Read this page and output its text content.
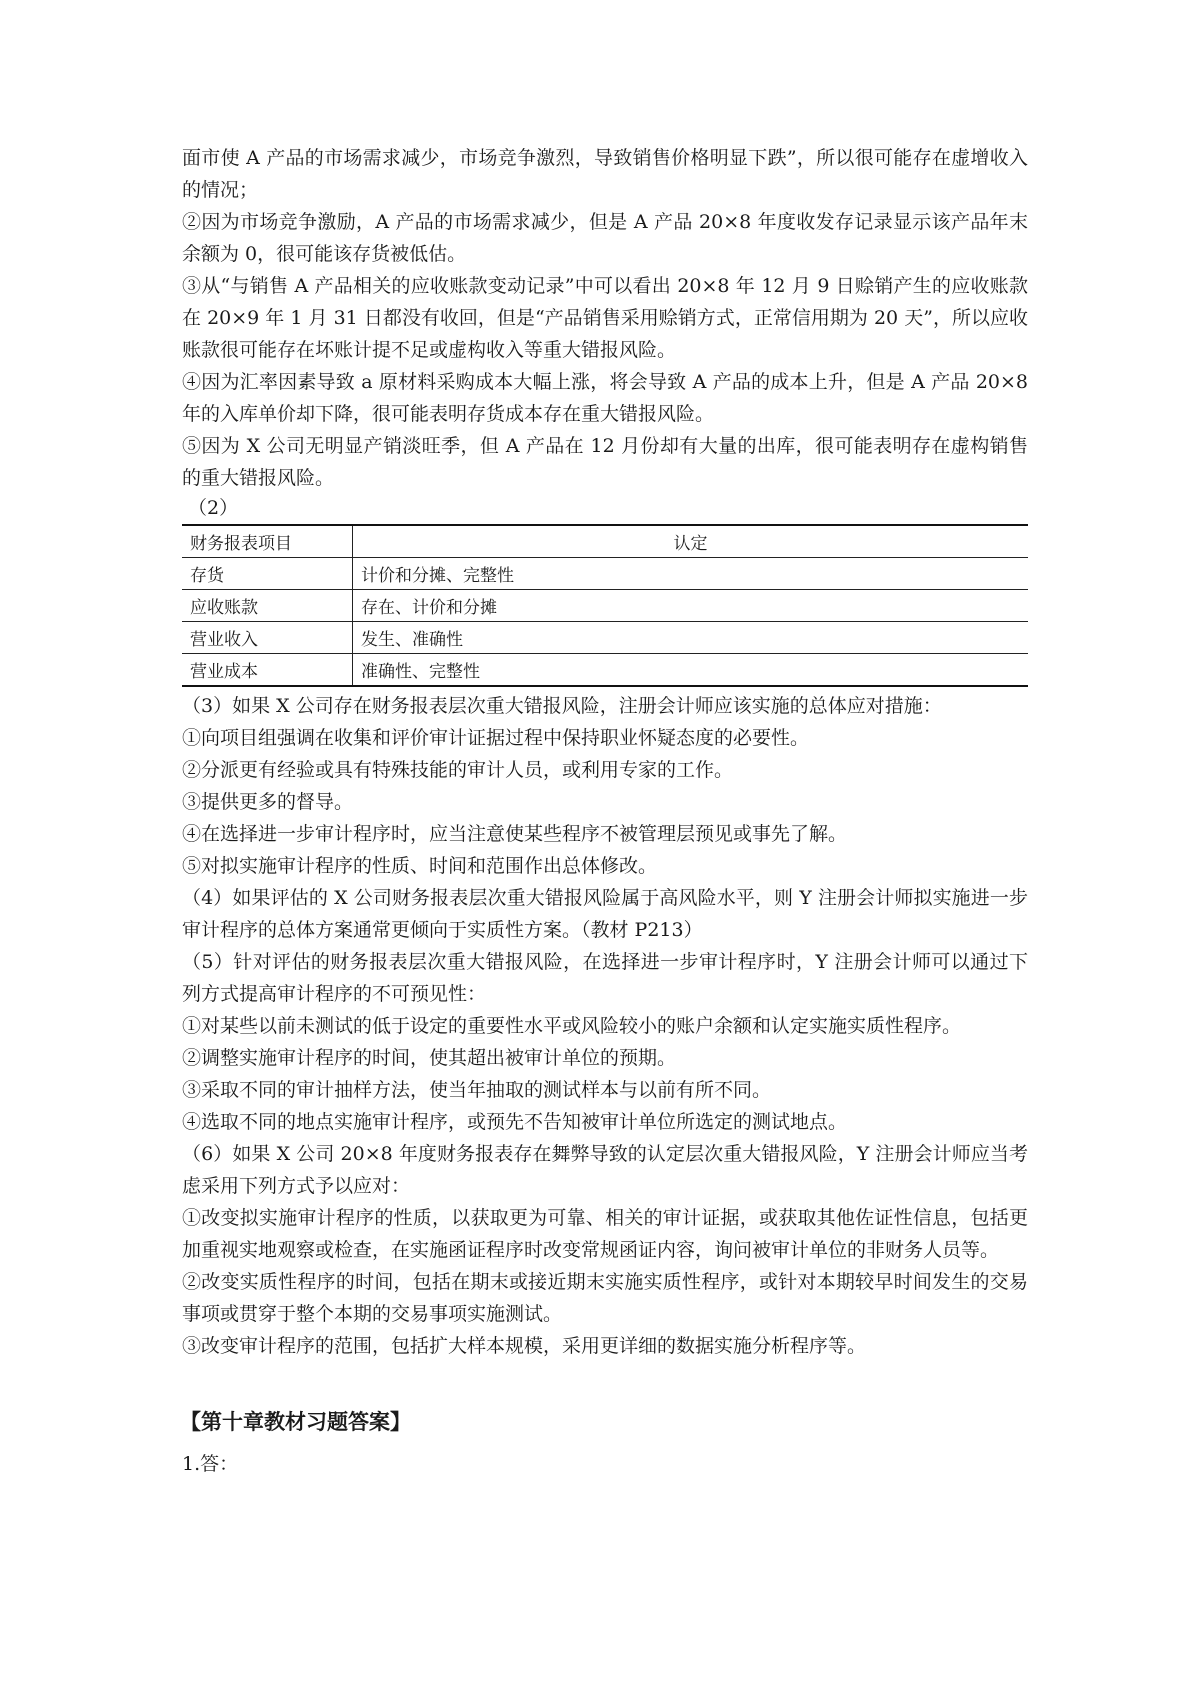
面市使 A 产品的市场需求减少，市场竞争激烈，导致销售价格明显下跌”，所以很可能存在虚增收入的情况；

②因为市场竞争激励，A 产品的市场需求减少，但是 A 产品 20×8 年度收发存记录显示该产品年末余额为 0，很可能该存货被低估。

③从“与销售 A 产品相关的应收账款变动记录”中可以看出 20×8 年 12 月 9 日赊销产生的应收账款在 20×9 年 1 月 31 日都没有收回，但是“产品销售采用赊销方式，正常信用期为 20 天”，所以应收账款很可能存在坏账计提不足或虚构收入等重大错报风险。

④因为汇率因素导致 a 原材料采购成本大幅上涨，将会导致 A 产品的成本上升，但是 A 产品 20×8 年的入库单价却下降，很可能表明存货成本存在重大错报风险。

⑤因为 X 公司无明显产销淡旺季，但 A 产品在 12 月份却有大量的出库，很可能表明存在虚构销售的重大错报风险。

（2）

财务报表项目	认定
存货	计价和分摊、完整性
应收账款	存在、计价和分摊
营业收入	发生、准确性
营业成本	准确性、完整性

（3）如果 X 公司存在财务报表层次重大错报风险，注册会计师应该实施的总体应对措施：

①向项目组强调在收集和评价审计证据过程中保持职业怀疑态度的必要性。

②分派更有经验或具有特殊技能的审计人员，或利用专家的工作。

③提供更多的督导。

④在选择进一步审计程序时，应当注意使某些程序不被管理层预见或事先了解。

⑤对拟实施审计程序的性质、时间和范围作出总体修改。

（4）如果评估的 X 公司财务报表层次重大错报风险属于高风险水平，则 Y 注册会计师拟实施进一步审计程序的总体方案通常更倾向于实质性方案。（教材 P213）

（5）针对评估的财务报表层次重大错报风险，在选择进一步审计程序时，Y 注册会计师可以通过下列方式提高审计程序的不可预见性：

①对某些以前未测试的低于设定的重要性水平或风险较小的账户余额和认定实施实质性程序。

②调整实施审计程序的时间，使其超出被审计单位的预期。

③采取不同的审计抽样方法，使当年抽取的测试样本与以前有所不同。

④选取不同的地点实施审计程序，或预先不告知被审计单位所选定的测试地点。

（6）如果 X 公司 20×8 年度财务报表存在舞弊导致的认定层次重大错报风险，Y 注册会计师应当考虑采用下列方式予以应对：

①改变拟实施审计程序的性质，以获取更为可靠、相关的审计证据，或获取其他佐证性信息，包括更加重视实地观察或检查，在实施函证程序时改变常规函证内容，询问被审计单位的非财务人员等。

②改变实质性程序的时间，包括在期末或接近期末实施实质性程序，或针对本期较早时间发生的交易事项或贯穿于整个本期的交易事项实施测试。

③改变审计程序的范围，包括扩大样本规模，采用更详细的数据实施分析程序等。

【第十章教材习题答案】

1.答：
